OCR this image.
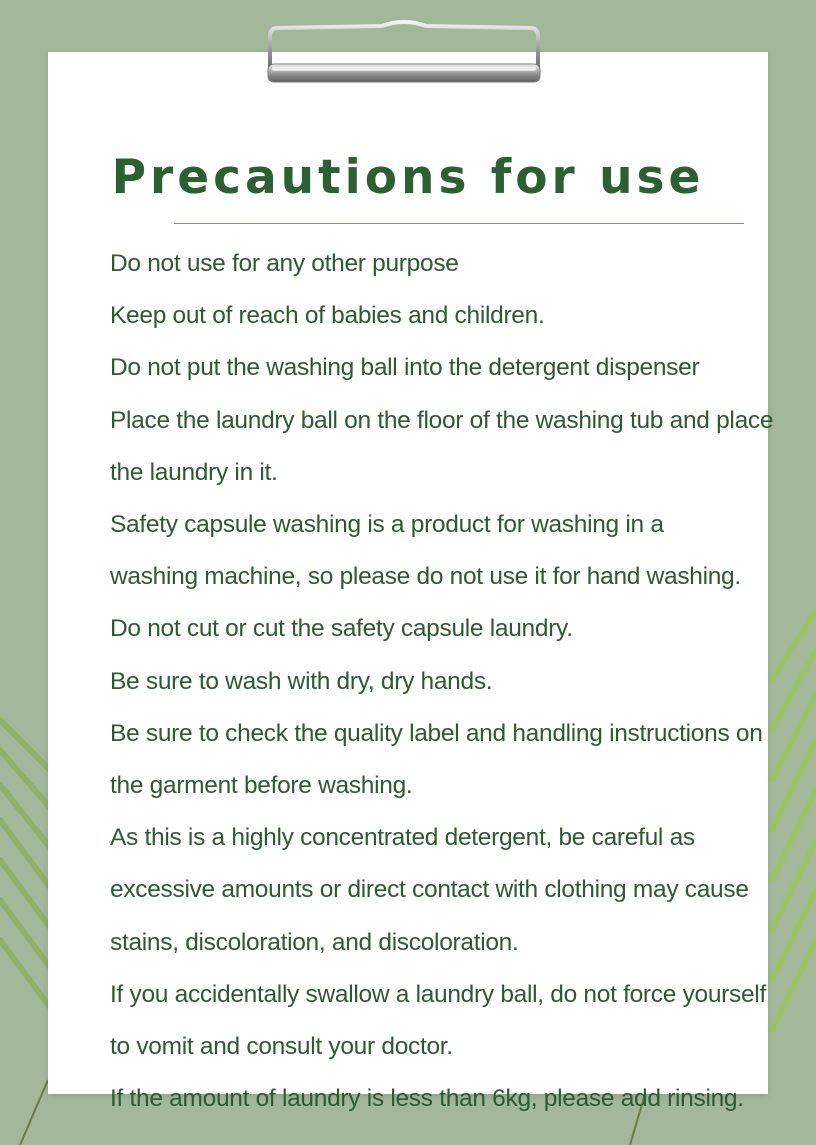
Precautions for use
Do not use for any other purpose
Keep out of reach of babies and children.
Do not put the washing ball into the detergent dispenser
Place the laundry ball on the floor of the washing tub and place
the laundry in it.
Safety capsule washing is a product for washing in a
washing machine, so please do not use it for hand washing.
Do not cut or cut the safety capsule laundry.
Be sure to wash with dry, dry hands.
Be sure to check the quality label and handling instructions on
the garment before washing.
As this is a highly concentrated detergent, be careful as
excessive amounts or direct contact with clothing may cause
stains, discoloration, and discoloration.
If you accidentally swallow a laundry ball, do not force yourself
to vomit and consult your doctor.
If the amount of laundry is less than 6kg, please add rinsing.
